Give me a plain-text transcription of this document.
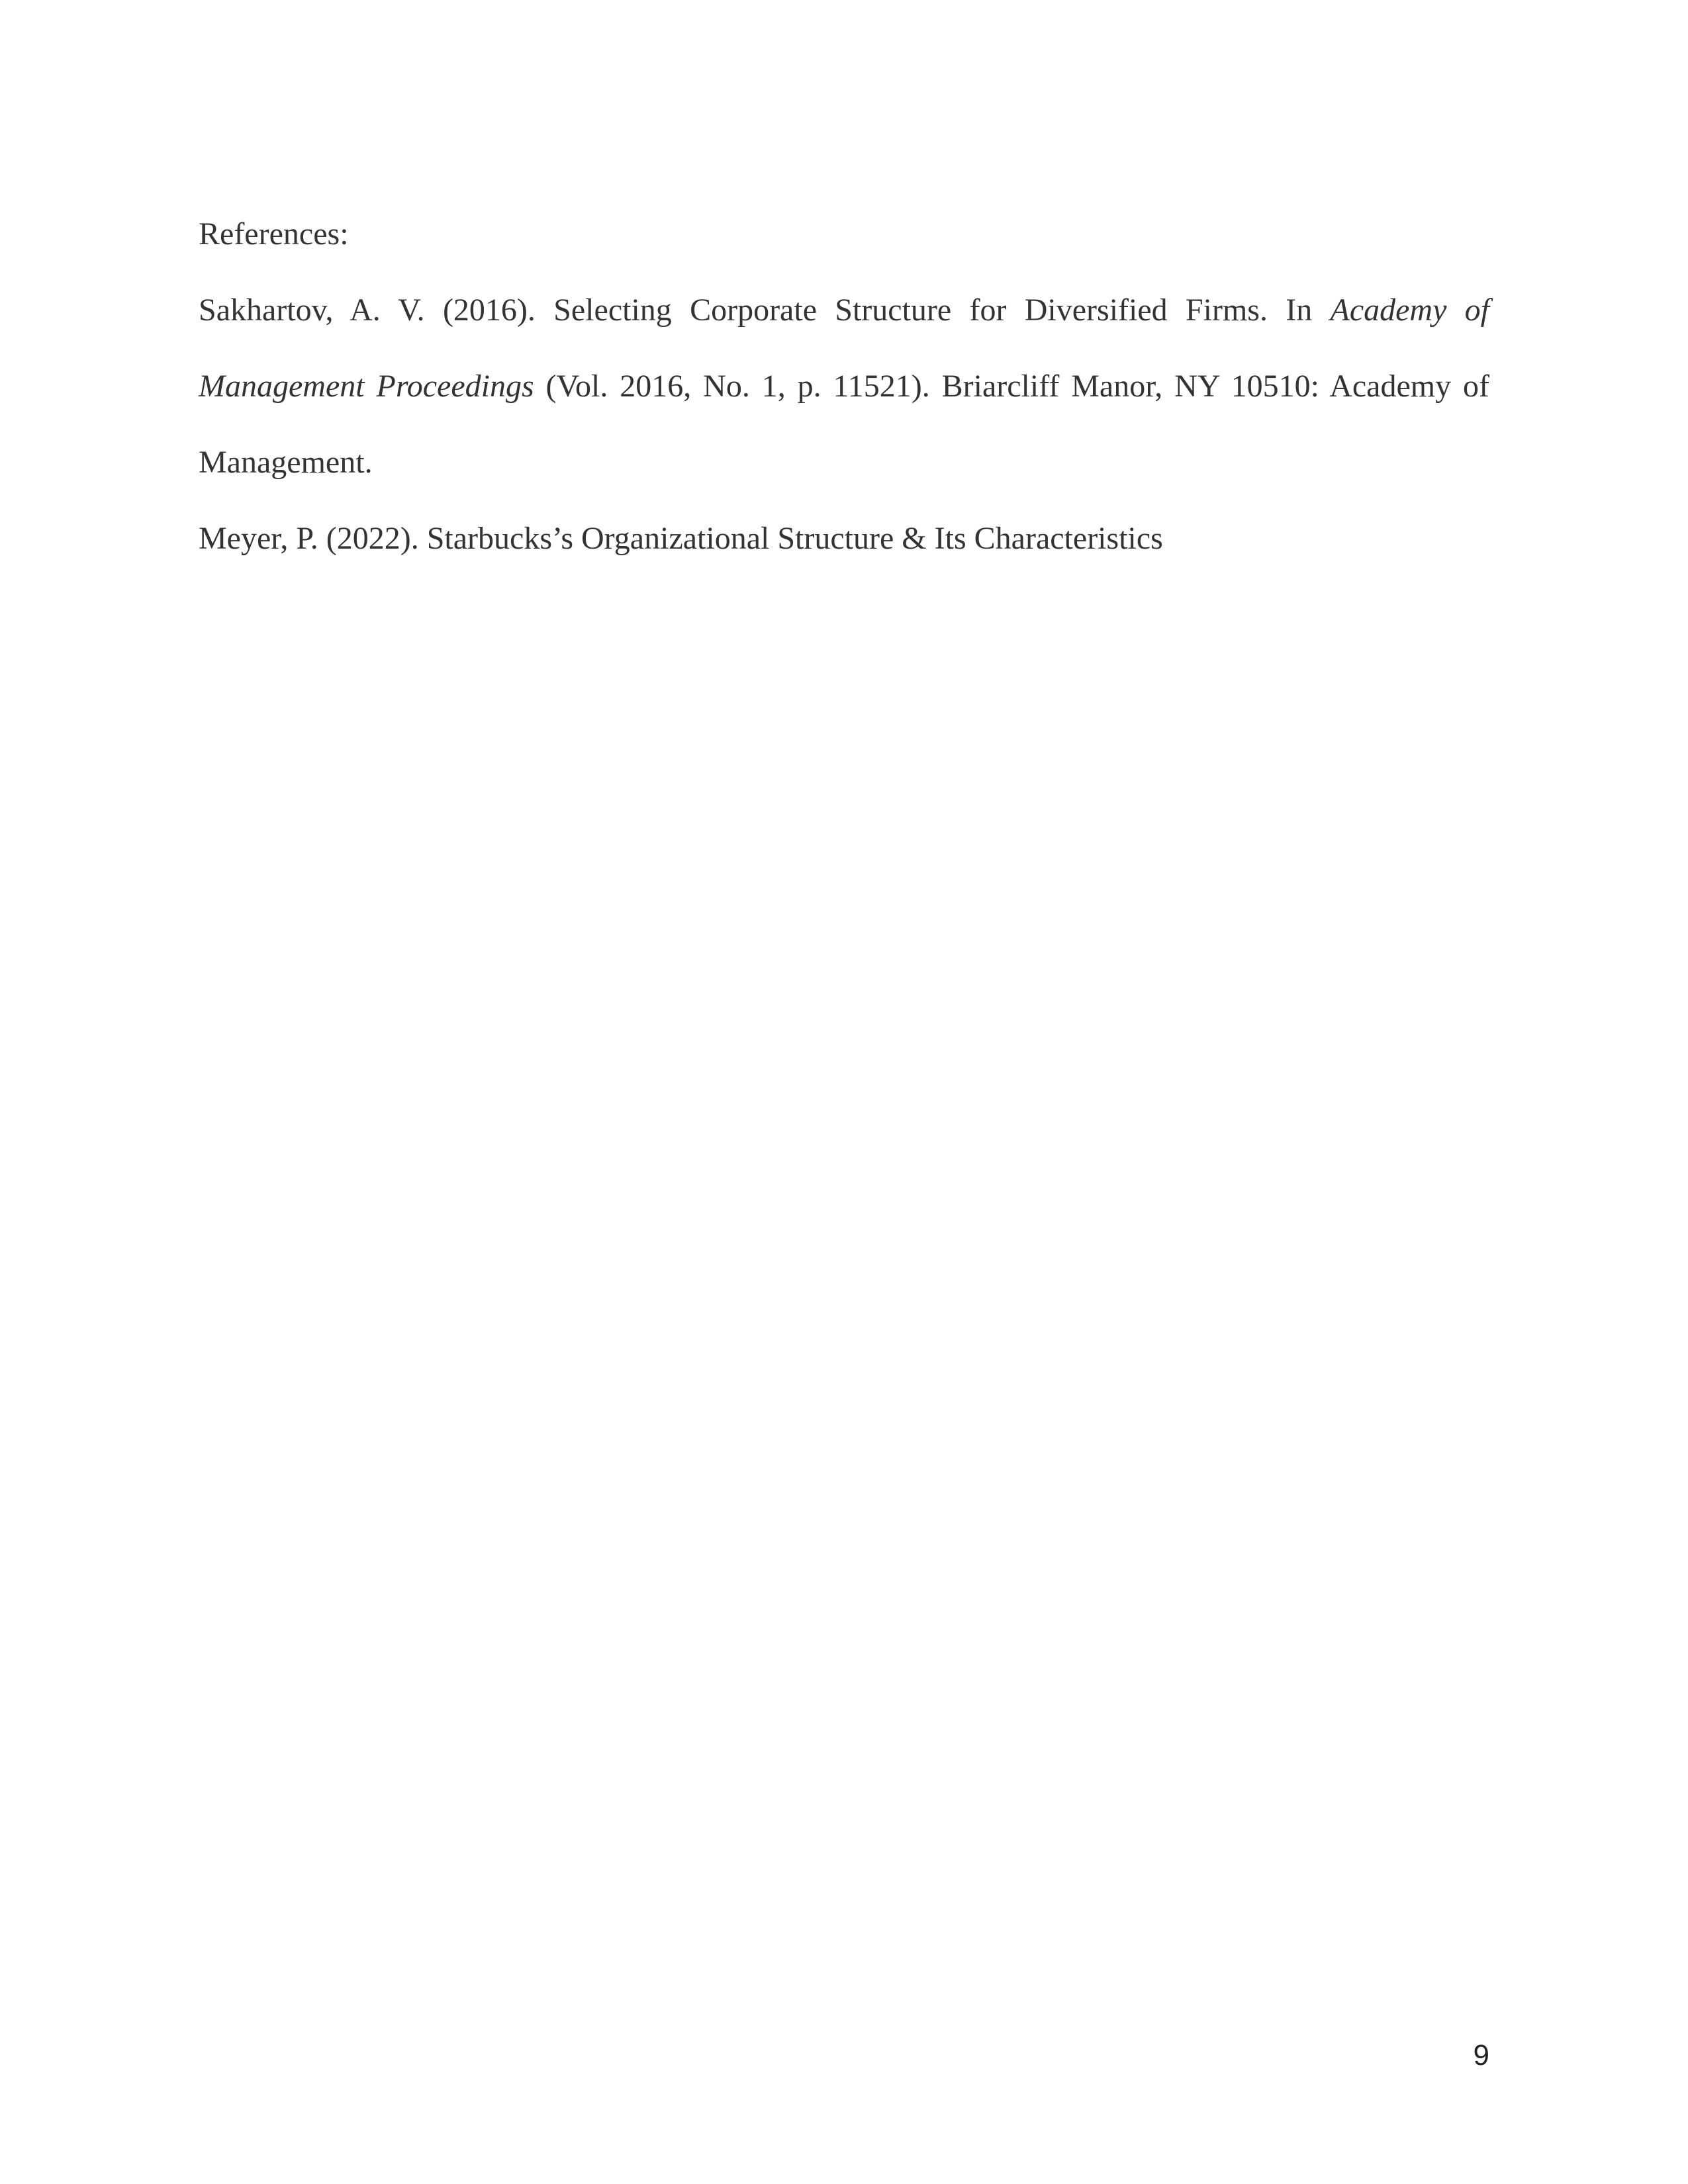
References:

Sakhartov, A. V. (2016). Selecting Corporate Structure for Diversified Firms. In Academy of Management Proceedings (Vol. 2016, No. 1, p. 11521). Briarcliff Manor, NY 10510: Academy of Management.

Meyer, P. (2022). Starbucks’s Organizational Structure & Its Characteristics

9
